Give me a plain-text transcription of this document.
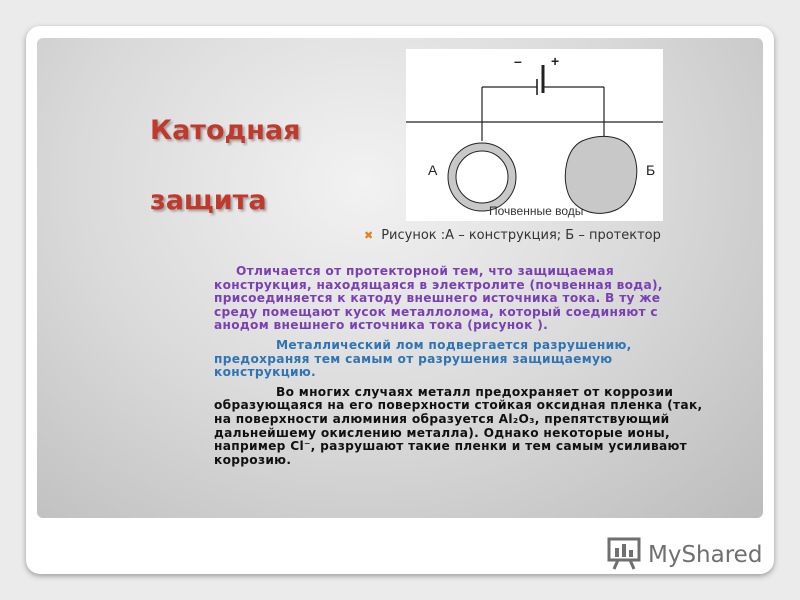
Катодная
защита
– +
А	Б
Почвенные воды
✖ Рисунок :А – конструкция; Б – протектор

Отличается от протекторной тем, что защищаемая конструкция, находящаяся в электролите (почвенная вода), присоединяется к катоду внешнего источника тока. В ту же среду помещают кусок металлолома, который соединяют с анодом внешнего источника тока (рисунок ).

Металлический лом подвергается разрушению, предохраняя тем самым от разрушения защищаемую конструкцию.

Во многих случаях металл предохраняет от коррозии образующаяся на его поверхности стойкая оксидная пленка (так, на поверхности алюминия образуется Al₂O₃, препятствующий дальнейшему окислению металла). Однако некоторые ионы, например Cl⁻, разрушают такие пленки и тем самым усиливают коррозию.

MyShared
